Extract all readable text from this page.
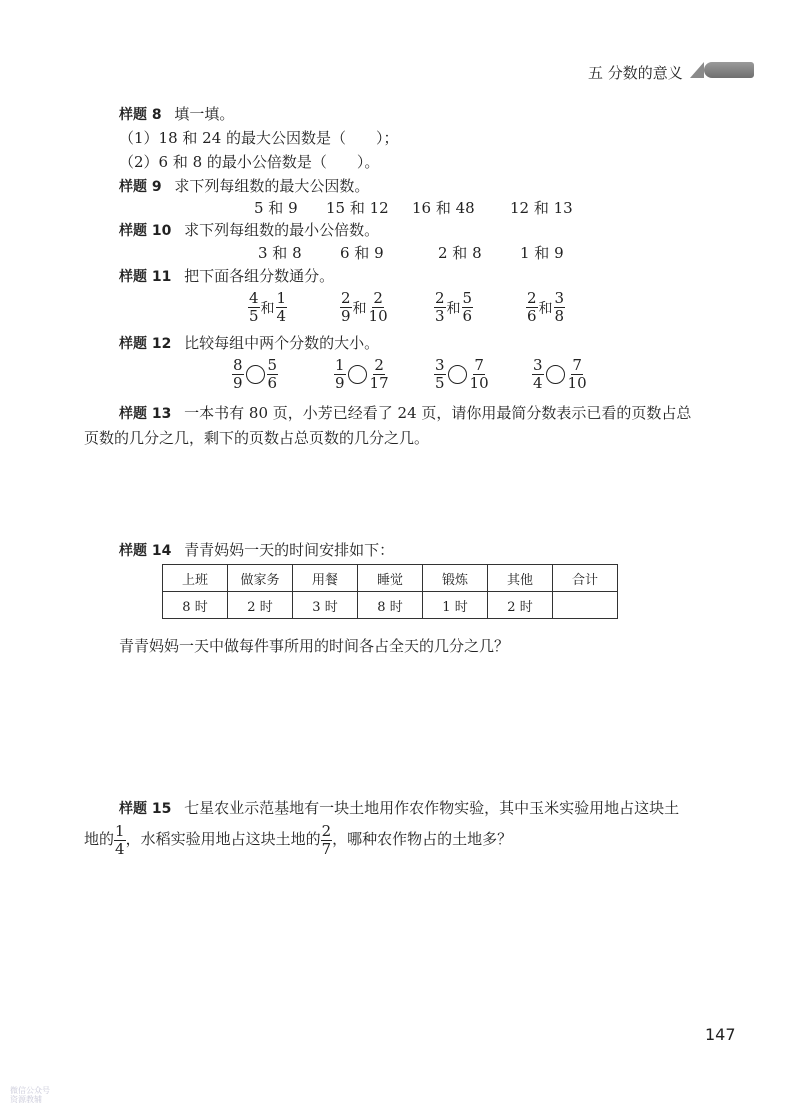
五 分数的意义
样题 8 填一填。
（1）18 和 24 的最大公因数是（　　）；
（2）6 和 8 的最小公倍数是（　　）。
样题 9 求下列每组数的最大公因数。
5 和 9 15 和 12 16 和 48 12 和 13
样题 10 求下列每组数的最小公倍数。
3 和 8	6 和 9	2 和 8	1 和 9
样题 11 把下面各组分数通分。
$\frac{4}{5}$ 和 $\frac{1}{4}$	$\frac{2}{9}$ 和 $\frac{2}{10}$	$\frac{2}{3}$ 和 $\frac{5}{6}$	$\frac{2}{6}$ 和 $\frac{3}{8}$
样题 12 比较每组中两个分数的大小。
$\frac{8}{9} \frac{5}{6}$	$\frac{1}{9} \frac{2}{17}$	$\frac{3}{5} \frac{7}{10}$	$\frac{3}{4} \frac{7}{10}$
样题 13 一本书有 80 页，小芳已经看了 24 页，请你用最简分数表示已看的页数占总
页数的几分之几，剩下的页数占总页数的几分之几。
样题 14 青青妈妈一天的时间安排如下：
上班	做家务	用餐	睡觉	锻炼	其他	合计
8 时	2 时	3 时	8 时	1 时	2 时	
青青妈妈一天中做每件事所用的时间各占全天的几分之几？
样题 15 七星农业示范基地有一块土地用作农作物实验，其中玉米实验用地占这块土
地的 $\frac{1}{4}$ ，水稻实验用地占这块土地的 $\frac{2}{7}$ ，哪种农作物占的土地多？
147
微信公众号
资源教辅
